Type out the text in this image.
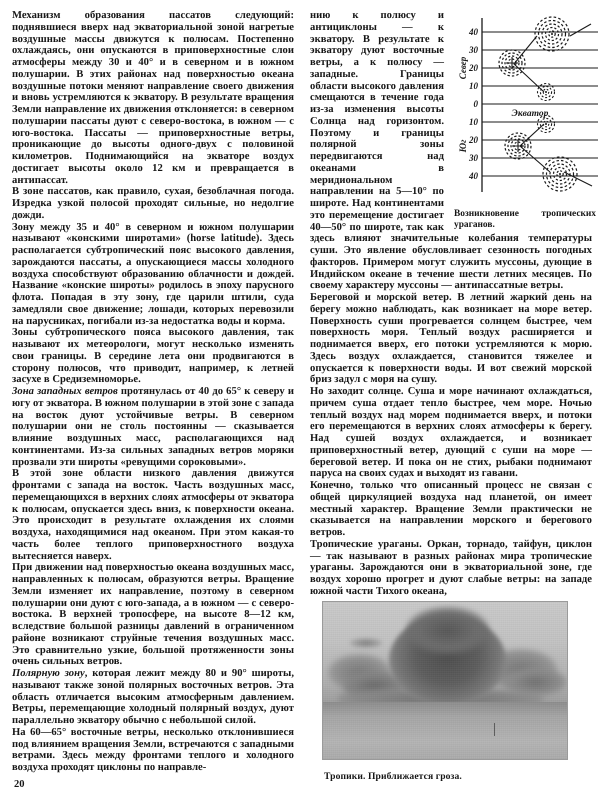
Механизм образования пассатов следующий: поднявшиеся вверх над экваториальной зоной нагретые воздушные массы движутся к полюсам. Постепенно охлаждаясь, они опускаются в приповерхностные слои атмосферы между 30 и 40° и в северном и в южном полушарии. В этих районах над поверхностью океана воздушные потоки меняют направление своего движения и вновь устремляются к экватору. В результате вращения Земли направление их движения отклоняется: в северном полушарии пассаты дуют с северо-востока, в южном — с юго-востока. Пассаты — приповерхностные ветры, проникающие до высоты одного-двух с половиной километров. Поднимающийся на экваторе воздух достигает высоты около 12 км и превращается в антипассат.

В зоне пассатов, как правило, сухая, безоблачная погода. Изредка узкой полосой проходят сильные, но недолгие дожди.

Зону между 35 и 40° в северном и южном полушарии называют «конскими широтами» (horse latitude). Здесь располагается субтропический пояс высокого давления, зарождаются пассаты, а опускающиеся массы холодного воздуха способствуют образованию облачности и дождей. Название «конские широты» родилось в эпоху парусного флота. Попадая в эту зону, где царили штили, суда замедляли свое движение; лошади, которых перевозили на парусниках, погибали из-за недостатка воды и корма.

Зоны субтропического пояса высокого давления, так называют их метеорологи, могут несколько изменять свои границы. В середине лета они продвигаются в сторону полюсов, что приводит, например, к летней засухе в Средиземноморье.

Зона западных ветров протянулась от 40 до 65° к северу и югу от экватора. В южном полушарии в этой зоне с запада на восток дуют устойчивые ветры. В северном полушарии они не столь постоянны — сказывается влияние воздушных масс, располагающихся над континентами. Из-за сильных западных ветров моряки прозвали эти широты «ревущими сороковыми».

В этой зоне области низкого давления движутся фронтами с запада на восток. Часть воздушных масс, перемещающихся в верхних слоях атмосферы от экватора к полюсам, опускается здесь вниз, к поверхности океана. Это происходит в результате охлаждения их слоями воздуха, находящимися над океаном. При этом какая-то часть более теплого приповерхностного воздуха вытесняется наверх.

При движении над поверхностью океана воздушных масс, направленных к полюсам, образуются ветры. Вращение Земли изменяет их направление, поэтому в северном полушарии они дуют с юго-запада, а в южном — с северо-востока. В верхней тропосфере, на высоте 8—12 км, вследствие большой разницы давлений в ограниченном районе возникают струйные течения воздушных масс. Это сравнительно узкие, большой протяженности зоны очень сильных ветров.

Полярную зону, которая лежит между 80 и 90° широты, называют также зоной полярных восточных ветров. Эта область отличается высоким атмосферным давлением. Ветры, перемещающие холодный полярный воздух, дуют параллельно экватору обычно с небольшой силой.

На 60—65° восточные ветры, несколько отклонившиеся под влиянием вращения Земли, встречаются с западными ветрами. Здесь между фронтами теплого и холодного воздуха проходят циклоны по направле-

нию к полюсу и антициклоны — к экватору. В результате к экватору дуют восточные ветры, а к полюсу — западные. Границы области высокого давления смещаются в течение года из-за изменения высоты Солнца над горизонтом. Поэтому и границы полярной зоны передвигаются над океанами в меридиональном направлении на 5—10° по широте. Над континентами это перемещение достигает 40—50° по широте, так как здесь влияют значительные колебания температуры суши. Это явление обусловливает сезонность погодных факторов. Примером могут служить муссоны, дующие в Индийском океане в течение шести летних месяцев. По своему характеру муссоны — антипассатные ветры.

Береговой и морской ветер. В летний жаркий день на берегу можно наблюдать, как возникает на море ветер. Поверхность суши прогревается солнцем быстрее, чем поверхность моря. Теплый воздух расширяется и поднимается вверх, его потоки устремляются к морю. Здесь воздух охлаждается, становится тяжелее и опускается к поверхности воды. И вот свежий морской бриз задул с моря на сушу.

Но заходит солнце. Суша и море начинают охлаждаться, причем суша отдает тепло быстрее, чем море. Ночью теплый воздух над морем поднимается вверх, и потоки его перемещаются в верхних слоях атмосферы к берегу. Над сушей воздух охлаждается, и возникает приповерхностный ветер, дующий с суши на море — береговой ветер. И пока он не стих, рыбаки поднимают паруса на своих судах и выходят из гавани.

Конечно, только что описанный процесс не связан с общей циркуляцией воздуха над планетой, он имеет местный характер. Вращение Земли практически не сказывается на направлении морского и берегового ветров.

Тропические ураганы. Оркан, торнадо, тайфун, циклон — так называют в разных районах мира тропические ураганы. Зарождаются они в экваториальной зоне, где воздух хорошо прогрет и дуют слабые ветры: на западе южной части Тихого океана,

40
30
20
10
0
10
20
30
40
Север
Юг
Экватор
Возникновение тропических ураганов.
Тропики. Приближается гроза.
20
